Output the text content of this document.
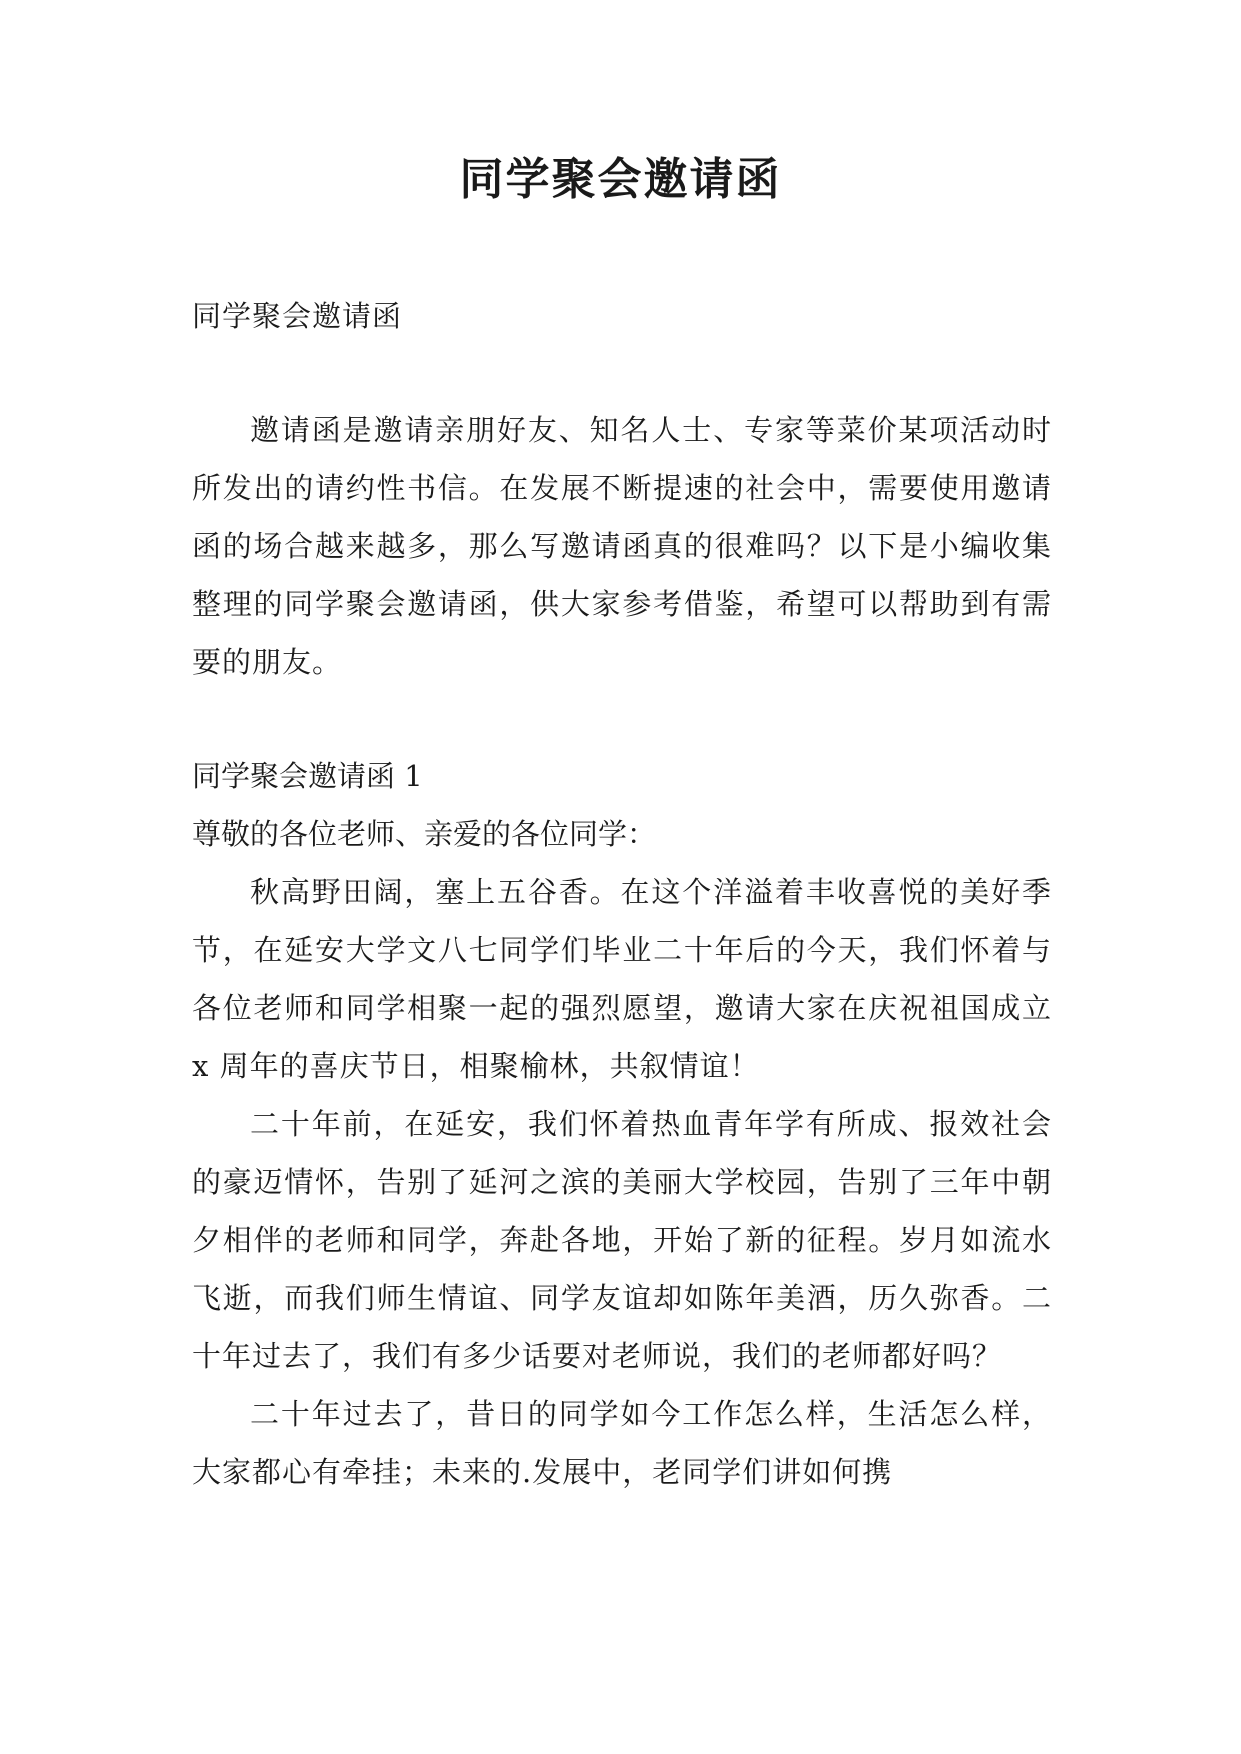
同学聚会邀请函

同学聚会邀请函

邀请函是邀请亲朋好友、知名人士、专家等菜价某项活动时所发出的请约性书信。在发展不断提速的社会中，需要使用邀请函的场合越来越多，那么写邀请函真的很难吗？以下是小编收集整理的同学聚会邀请函，供大家参考借鉴，希望可以帮助到有需要的朋友。

同学聚会邀请函 1

尊敬的各位老师、亲爱的各位同学：

秋高野田阔，塞上五谷香。在这个洋溢着丰收喜悦的美好季节，在延安大学文八七同学们毕业二十年后的今天，我们怀着与各位老师和同学相聚一起的强烈愿望，邀请大家在庆祝祖国成立 x 周年的喜庆节日，相聚榆林，共叙情谊！

二十年前，在延安，我们怀着热血青年学有所成、报效社会的豪迈情怀，告别了延河之滨的美丽大学校园，告别了三年中朝夕相伴的老师和同学，奔赴各地，开始了新的征程。岁月如流水飞逝，而我们师生情谊、同学友谊却如陈年美酒，历久弥香。二十年过去了，我们有多少话要对老师说，我们的老师都好吗？

二十年过去了，昔日的同学如今工作怎么样，生活怎么样，大家都心有牵挂；未来的.发展中，老同学们讲如何携
